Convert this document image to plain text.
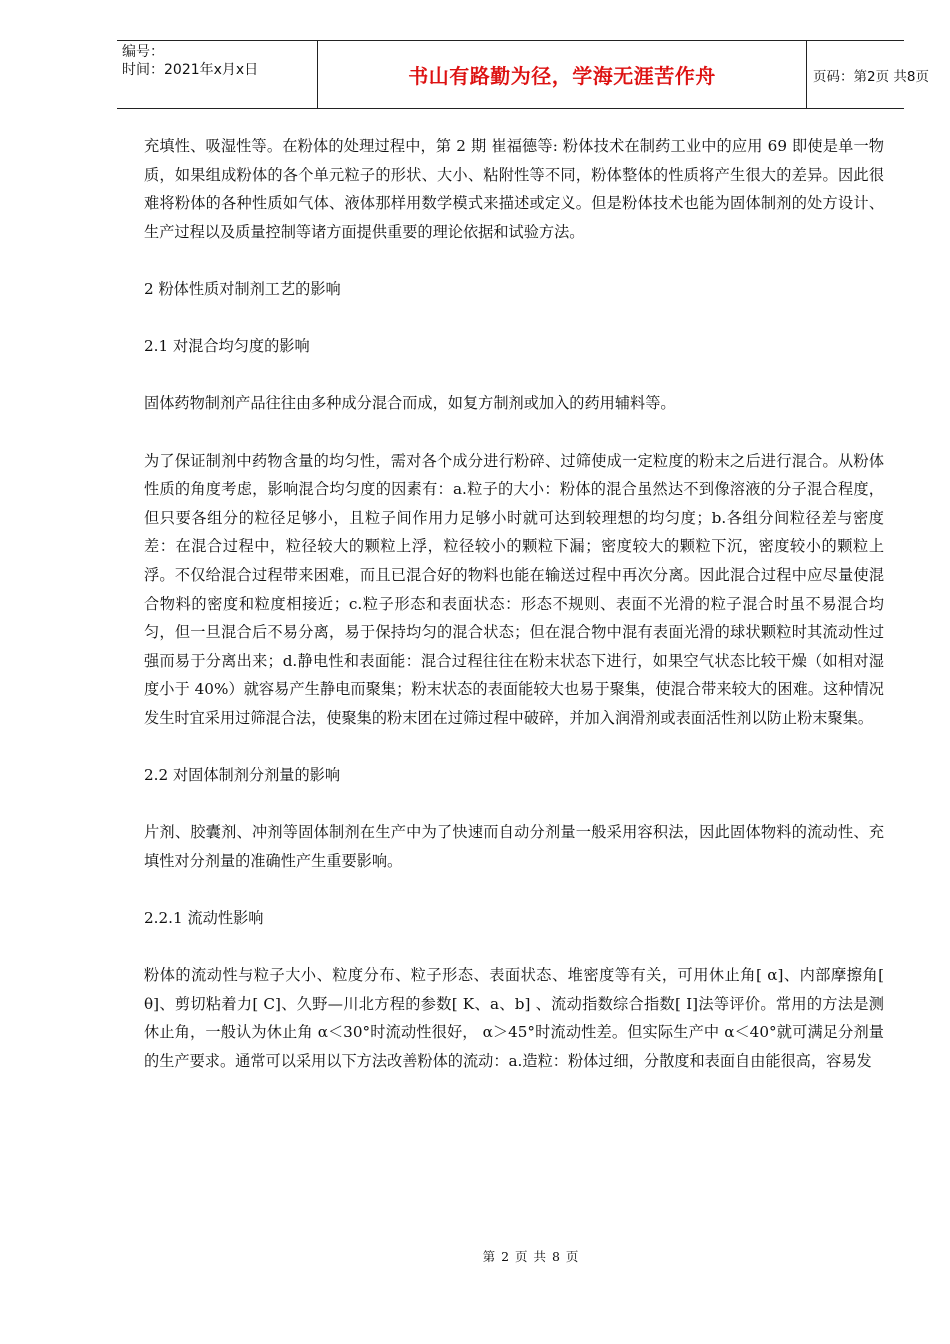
编号：
时间：2021年x月x日	书山有路勤为径，学海无涯苦作舟	页码：第2页 共8页

充填性、吸湿性等。在粉体的处理过程中，第 2 期 崔福德等: 粉体技术在制药工业中的应用 69 即使是单一物质，如果组成粉体的各个单元粒子的形状、大小、粘附性等不同，粉体整体的性质将产生很大的差异。因此很难将粉体的各种性质如气体、液体那样用数学模式来描述或定义。但是粉体技术也能为固体制剂的处方设计、生产过程以及质量控制等诸方面提供重要的理论依据和试验方法。

2 粉体性质对制剂工艺的影响
2.1 对混合均匀度的影响

固体药物制剂产品往往由多种成分混合而成，如复方制剂或加入的药用辅料等。

为了保证制剂中药物含量的均匀性，需对各个成分进行粉碎、过筛使成一定粒度的粉末之后进行混合。从粉体性质的角度考虑，影响混合均匀度的因素有：a.粒子的大小：粉体的混合虽然达不到像溶液的分子混合程度，但只要各组分的粒径足够小，且粒子间作用力足够小时就可达到较理想的均匀度；b.各组分间粒径差与密度差：在混合过程中，粒径较大的颗粒上浮，粒径较小的颗粒下漏；密度较大的颗粒下沉，密度较小的颗粒上浮。不仅给混合过程带来困难，而且已混合好的物料也能在输送过程中再次分离。因此混合过程中应尽量使混合物料的密度和粒度相接近；c.粒子形态和表面状态：形态不规则、表面不光滑的粒子混合时虽不易混合均匀，但一旦混合后不易分离，易于保持均匀的混合状态；但在混合物中混有表面光滑的球状颗粒时其流动性过强而易于分离出来；d.静电性和表面能：混合过程往往在粉末状态下进行，如果空气状态比较干燥（如相对湿度小于 40%）就容易产生静电而聚集；粉末状态的表面能较大也易于聚集，使混合带来较大的困难。这种情况发生时宜采用过筛混合法，使聚集的粉末团在过筛过程中破碎，并加入润滑剂或表面活性剂以防止粉末聚集。

2.2 对固体制剂分剂量的影响

片剂、胶囊剂、冲剂等固体制剂在生产中为了快速而自动分剂量一般采用容积法，因此固体物料的流动性、充填性对分剂量的准确性产生重要影响。

2.2.1 流动性影响

粉体的流动性与粒子大小、粒度分布、粒子形态、表面状态、堆密度等有关，可用休止角[ α]、内部摩擦角[ θ]、剪切粘着力[ C]、久野—川北方程的参数[ K、a、b] 、流动指数综合指数[ I]法等评价。常用的方法是测休止角，一般认为休止角 α＜30°时流动性很好， α＞45°时流动性差。但实际生产中 α＜40°就可满足分剂量的生产要求。通常可以采用以下方法改善粉体的流动：a.造粒：粉体过细，分散度和表面自由能很高，容易发

第 2 页 共 8 页
